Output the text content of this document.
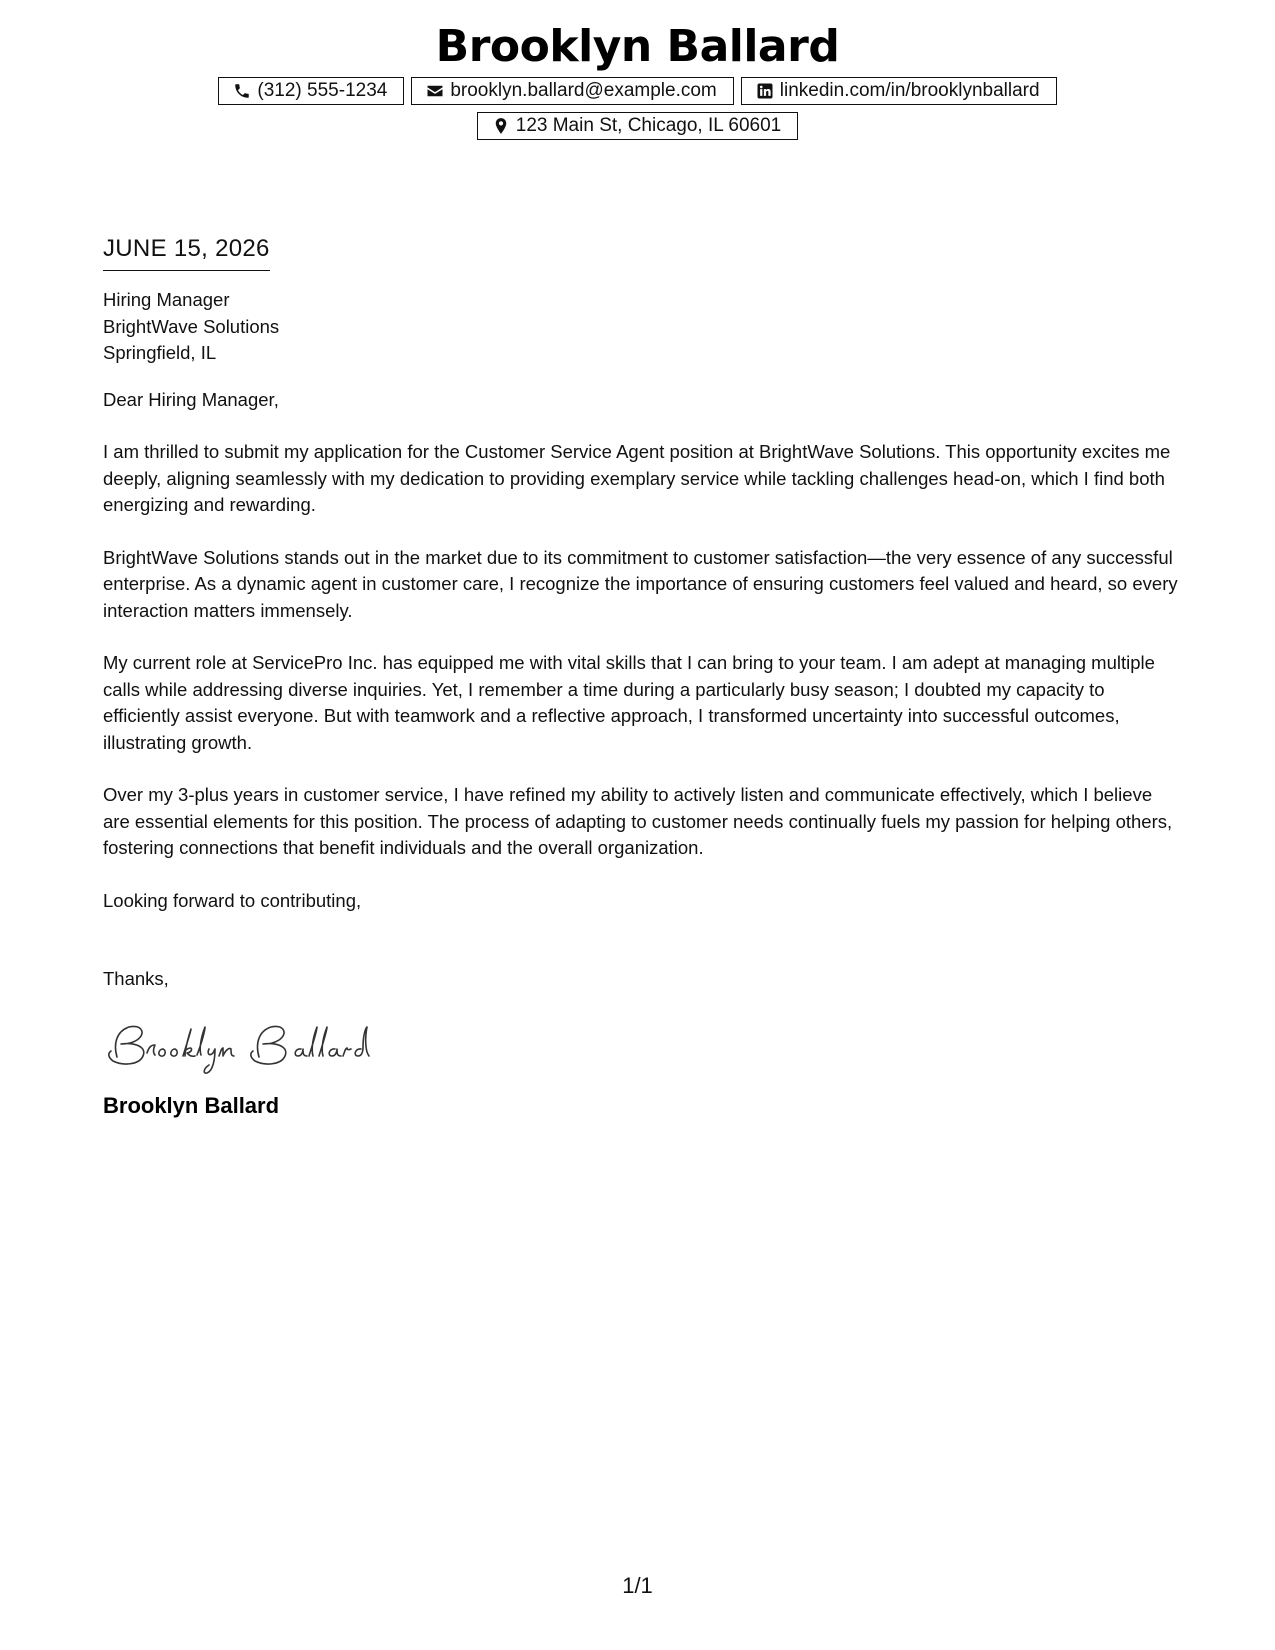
Brooklyn Ballard
(312) 555-1234	brooklyn.ballard@example.com	linkedin.com/in/brooklynballard
123 Main St, Chicago, IL 60601
JUNE 15, 2026
Hiring Manager
BrightWave Solutions
Springfield, IL
Dear Hiring Manager,
I am thrilled to submit my application for the Customer Service Agent position at BrightWave Solutions. This opportunity excites me deeply, aligning seamlessly with my dedication to providing exemplary service while tackling challenges head-on, which I find both energizing and rewarding.
BrightWave Solutions stands out in the market due to its commitment to customer satisfaction—the very essence of any successful enterprise. As a dynamic agent in customer care, I recognize the importance of ensuring customers feel valued and heard, so every interaction matters immensely.
My current role at ServicePro Inc. has equipped me with vital skills that I can bring to your team. I am adept at managing multiple calls while addressing diverse inquiries. Yet, I remember a time during a particularly busy season; I doubted my capacity to efficiently assist everyone. But with teamwork and a reflective approach, I transformed uncertainty into successful outcomes, illustrating growth.
Over my 3-plus years in customer service, I have refined my ability to actively listen and communicate effectively, which I believe are essential elements for this position. The process of adapting to customer needs continually fuels my passion for helping others, fostering connections that benefit individuals and the overall organization.
Looking forward to contributing,
Thanks,
Brooklyn Ballard
1/1
